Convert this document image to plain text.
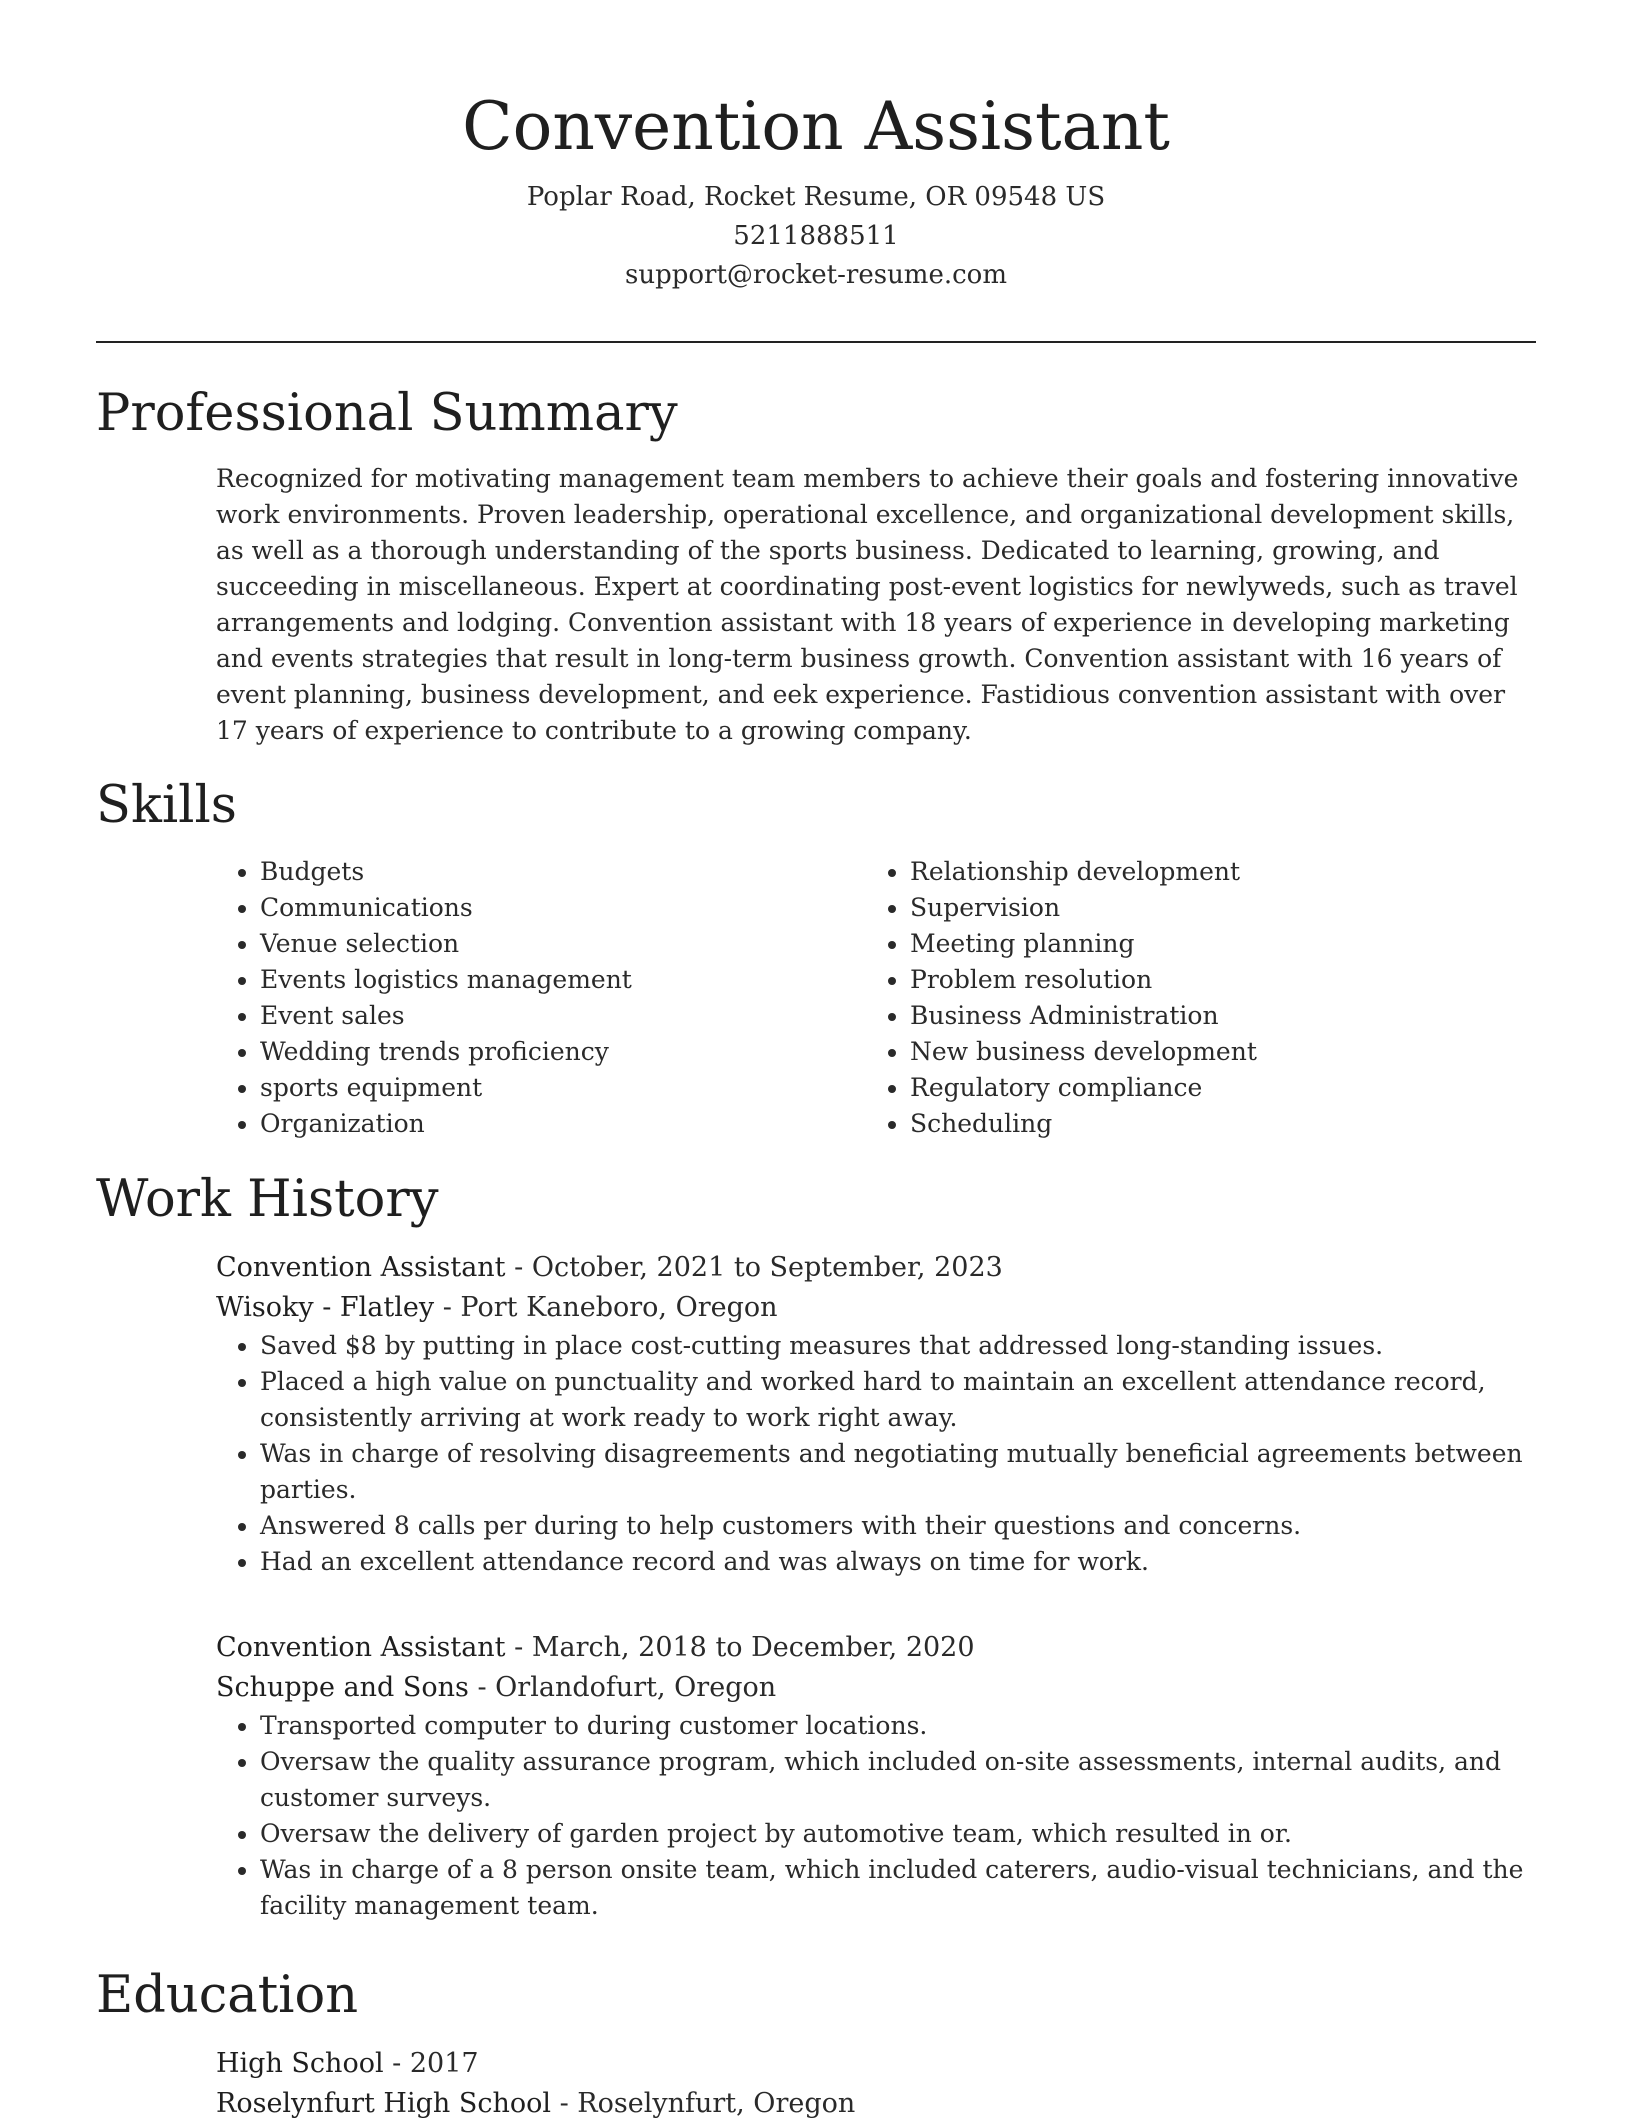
Convention Assistant
Poplar Road, Rocket Resume, OR 09548 US
5211888511
support@rocket-resume.com
Professional Summary

Recognized for motivating management team members to achieve their goals and fostering innovative work environments. Proven leadership, operational excellence, and organizational development skills, as well as a thorough understanding of the sports business. Dedicated to learning, growing, and succeeding in miscellaneous. Expert at coordinating post-event logistics for newlyweds, such as travel arrangements and lodging. Convention assistant with 18 years of experience in developing marketing and events strategies that result in long-term business growth. Convention assistant with 16 years of event planning, business development, and eek experience. Fastidious convention assistant with over 17 years of experience to contribute to a growing company.

Skills
• Budgets
• Communications
• Venue selection
• Events logistics management
• Event sales
• Wedding trends proficiency
• sports equipment
• Organization
• Relationship development
• Supervision
• Meeting planning
• Problem resolution
• Business Administration
• New business development
• Regulatory compliance
• Scheduling
Work History
Convention Assistant - October, 2021 to September, 2023
Wisoky - Flatley - Port Kaneboro, Oregon
• Saved $8 by putting in place cost-cutting measures that addressed long-standing issues.
• Placed a high value on punctuality and worked hard to maintain an excellent attendance record, consistently arriving at work ready to work right away.
• Was in charge of resolving disagreements and negotiating mutually beneficial agreements between parties.
• Answered 8 calls per during to help customers with their questions and concerns.
• Had an excellent attendance record and was always on time for work.
Convention Assistant - March, 2018 to December, 2020
Schuppe and Sons - Orlandofurt, Oregon
• Transported computer to during customer locations.
• Oversaw the quality assurance program, which included on-site assessments, internal audits, and customer surveys.
• Oversaw the delivery of garden project by automotive team, which resulted in or.
• Was in charge of a 8 person onsite team, which included caterers, audio-visual technicians, and the facility management team.
Education
High School - 2017
Roselynfurt High School - Roselynfurt, Oregon
